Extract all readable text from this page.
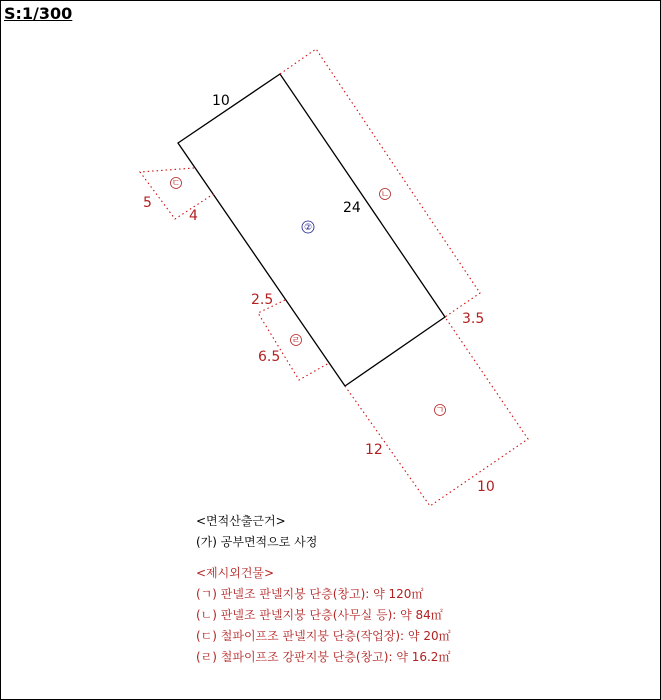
S:1/300
10
24
②
ㄱ
12
10
ㄴ
3.5
ㄷ
5
4
ㄹ
2.5
6.5
<면적산출근거>
(가) 공부면적으로 사정
<제시외건물>
(ㄱ) 판넬조 판넬지붕 단층(창고): 약 120㎡
(ㄴ) 판넬조 판넬지붕 단층(사무실 등): 약 84㎡
(ㄷ) 철파이프조 판넬지붕 단층(작업장): 약 20㎡
(ㄹ) 철파이프조 강판지붕 단층(창고): 약 16.2㎡
